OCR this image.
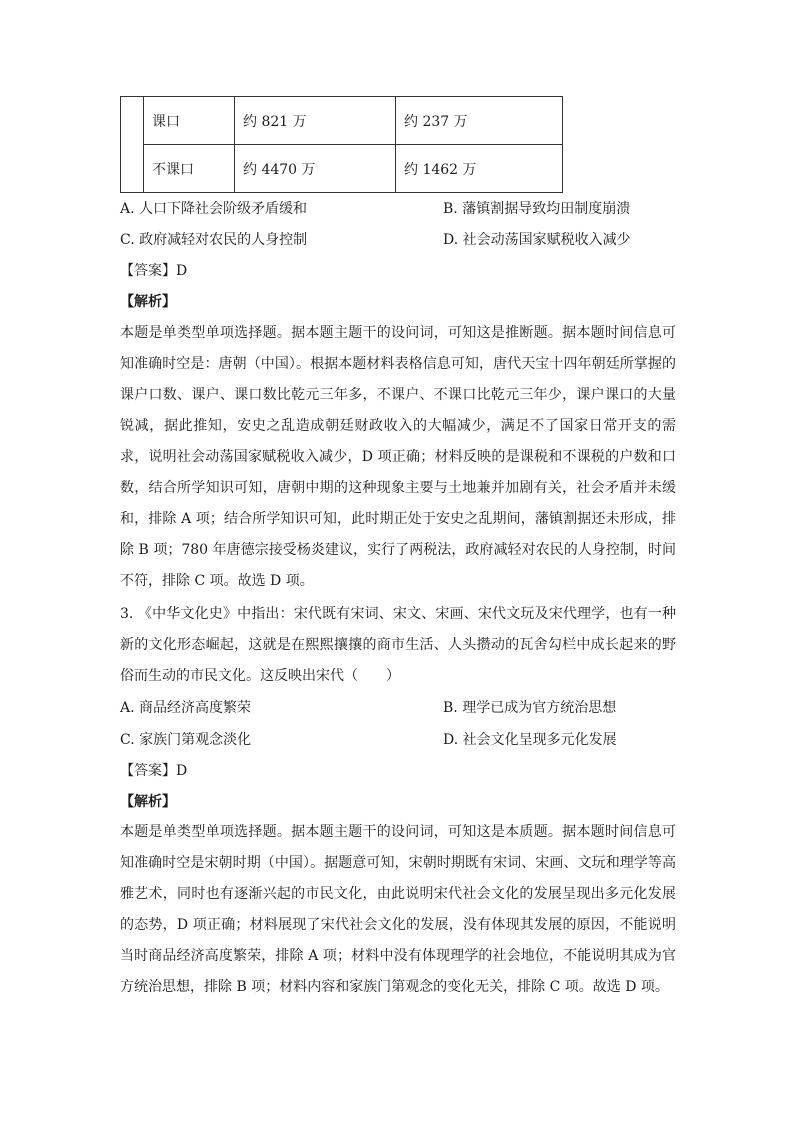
	课口	约 821 万	约 237 万
	不课口	约 4470 万	约 1462 万
A. 人口下降社会阶级矛盾缓和	B. 藩镇割据导致均田制度崩溃
C. 政府减轻对农民的人身控制	D. 社会动荡国家赋税收入减少
【答案】D
【解析】

本题是单类型单项选择题。据本题主题干的设问词，可知这是推断题。据本题时间信息可知准确时空是：唐朝（中国）。根据本题材料表格信息可知，唐代天宝十四年朝廷所掌握的课户口数、课户、课口数比乾元三年多，不课户、不课口比乾元三年少，课户课口的大量锐减，据此推知，安史之乱造成朝廷财政收入的大幅减少，满足不了国家日常开支的需求，说明社会动荡国家赋税收入减少，D 项正确；材料反映的是课税和不课税的户数和口数，结合所学知识可知，唐朝中期的这种现象主要与土地兼并加剧有关，社会矛盾并未缓和，排除 A 项；结合所学知识可知，此时期正处于安史之乱期间，藩镇割据还未形成，排除 B 项；780 年唐德宗接受杨炎建议，实行了两税法，政府减轻对农民的人身控制，时间不符，排除 C 项。故选 D 项。

3. 《中华文化史》中指出：宋代既有宋词、宋文、宋画、宋代文玩及宋代理学，也有一种新的文化形态崛起，这就是在熙熙攘攘的商市生活、人头攒动的瓦舍勾栏中成长起来的野俗而生动的市民文化。这反映出宋代（　　）

A. 商品经济高度繁荣	B. 理学已成为官方统治思想
C. 家族门第观念淡化	D. 社会文化呈现多元化发展
【答案】D
【解析】

本题是单类型单项选择题。据本题主题干的设问词，可知这是本质题。据本题时间信息可知准确时空是宋朝时期（中国）。据题意可知，宋朝时期既有宋词、宋画、文玩和理学等高雅艺术，同时也有逐渐兴起的市民文化，由此说明宋代社会文化的发展呈现出多元化发展的态势，D 项正确；材料展现了宋代社会文化的发展，没有体现其发展的原因，不能说明当时商品经济高度繁荣，排除 A 项；材料中没有体现理学的社会地位，不能说明其成为官方统治思想，排除 B 项；材料内容和家族门第观念的变化无关，排除 C 项。故选 D 项。
